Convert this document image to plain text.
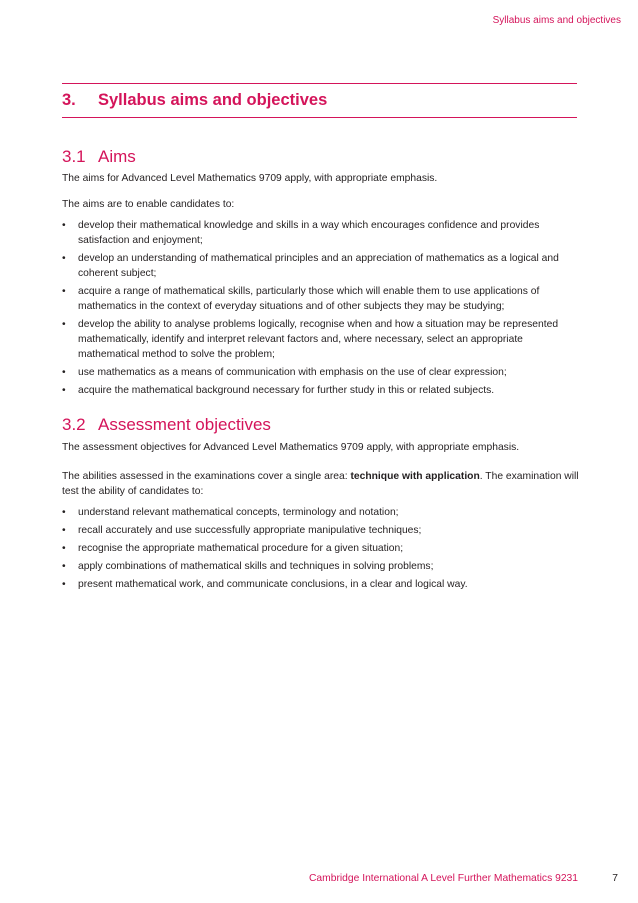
Syllabus aims and objectives
3. Syllabus aims and objectives
3.1 Aims

The aims for Advanced Level Mathematics 9709 apply, with appropriate emphasis.

The aims are to enable candidates to:

• develop their mathematical knowledge and skills in a way which encourages confidence and provides satisfaction and enjoyment;
• develop an understanding of mathematical principles and an appreciation of mathematics as a logical and coherent subject;
• acquire a range of mathematical skills, particularly those which will enable them to use applications of mathematics in the context of everyday situations and of other subjects they may be studying;
• develop the ability to analyse problems logically, recognise when and how a situation may be represented mathematically, identify and interpret relevant factors and, where necessary, select an appropriate mathematical method to solve the problem;
• use mathematics as a means of communication with emphasis on the use of clear expression;
• acquire the mathematical background necessary for further study in this or related subjects.
3.2 Assessment objectives

The assessment objectives for Advanced Level Mathematics 9709 apply, with appropriate emphasis.

The abilities assessed in the examinations cover a single area: technique with application. The examination will test the ability of candidates to:

• understand relevant mathematical concepts, terminology and notation;
• recall accurately and use successfully appropriate manipulative techniques;
• recognise the appropriate mathematical procedure for a given situation;
• apply combinations of mathematical skills and techniques in solving problems;
• present mathematical work, and communicate conclusions, in a clear and logical way.
Cambridge International A Level Further Mathematics 9231	7
